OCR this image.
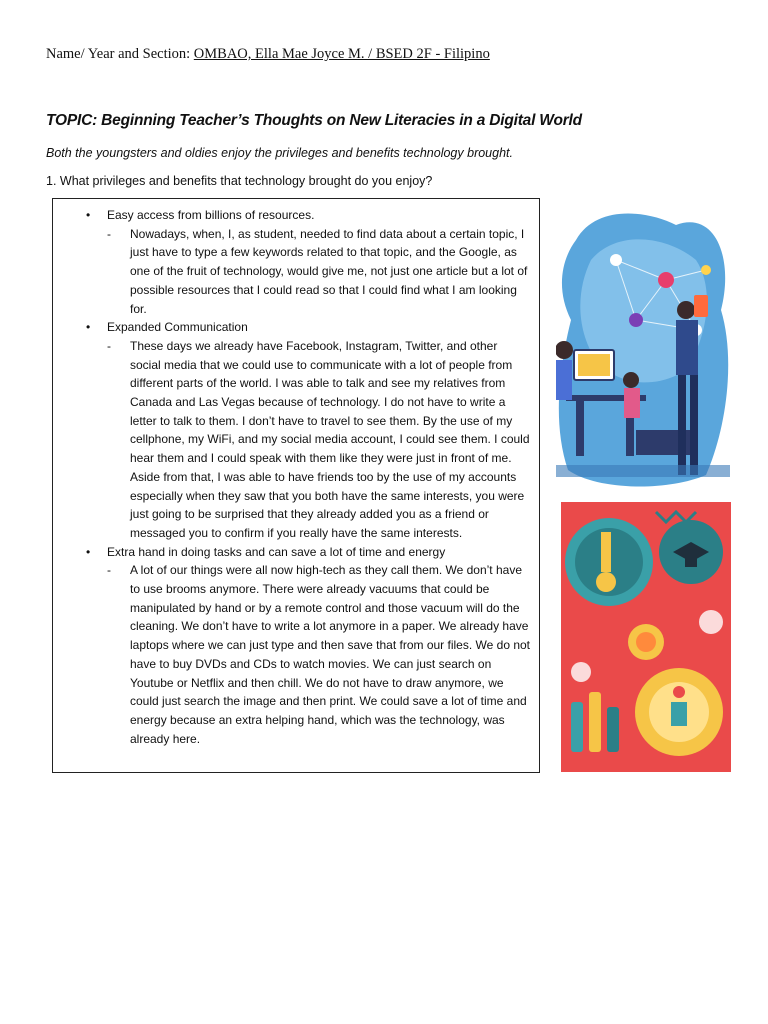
Name/ Year and Section: OMBAO, Ella Mae Joyce M. / BSED 2F - Filipino
TOPIC: Beginning Teacher’s Thoughts on New Literacies in a Digital World
Both the youngsters and oldies enjoy the privileges and benefits technology brought.
1. What privileges and benefits that technology brought do you enjoy?
• Easy access from billions of resources.
- Nowadays, when, I, as student, needed to find data about a certain topic, I just have to type a few keywords related to that topic, and the Google, as one of the fruit of technology, would give me, not just one article but a lot of possible resources that I could read so that I could find what I am looking for.
• Expanded Communication
- These days we already have Facebook, Instagram, Twitter, and other social media that we could use to communicate with a lot of people from different parts of the world. I was able to talk and see my relatives from Canada and Las Vegas because of technology. I do not have to write a letter to talk to them. I don’t have to travel to see them. By the use of my cellphone, my WiFi, and my social media account, I could see them. I could hear them and I could speak with them like they were just in front of me. Aside from that, I was able to have friends too by the use of my accounts especially when they saw that you both have the same interests, you were just going to be surprised that they already added you as a friend or messaged you to confirm if you really have the same interests.
• Extra hand in doing tasks and can save a lot of time and energy
- A lot of our things were all now high-tech as they call them. We don’t have to use brooms anymore. There were already vacuums that could be manipulated by hand or by a remote control and those vacuum will do the cleaning. We don’t have to write a lot anymore in a paper. We already have laptops where we can just type and then save that from our files. We do not have to buy DVDs and CDs to watch movies. We can just search on Youtube or Netflix and then chill. We do not have to draw anymore, we could just search the image and then print. We could save a lot of time and energy because an extra helping hand, which was the technology, was already here.
